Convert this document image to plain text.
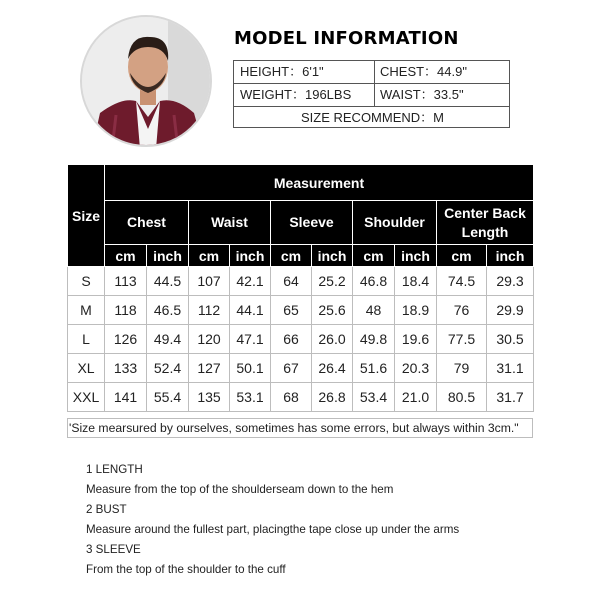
MODEL INFORMATION
HEIGHT：6'1"	CHEST：44.9"
WEIGHT：196LBS	WAIST：33.5"
SIZE RECOMMEND：M
Size	Measurement									
	Chest		Waist		Sleeve		Shoulder		Center Back
Length	

	cm	inch	cm	inch	cm	inch	cm	inch	cm	inch
S	113	44.5	107	42.1	64	25.2	46.8	18.4	74.5	29.3
M	118	46.5	112	44.1	65	25.6	48	18.9	76	29.9
L	126	49.4	120	47.1	66	26.0	49.8	19.6	77.5	30.5
XL	133	52.4	127	50.1	67	26.4	51.6	20.3	79	31.1
XXL	141	55.4	135	53.1	68	26.8	53.4	21.0	80.5	31.7
'Size mearsured by ourselves, sometimes has some errors, but always within 3cm."

1 LENGTH

Measure from the top of the shoulderseam down to the hem

2 BUST

Measure around the fullest part, placingthe tape close up under the arms

3 SLEEVE

From the top of the shoulder to the cuff
